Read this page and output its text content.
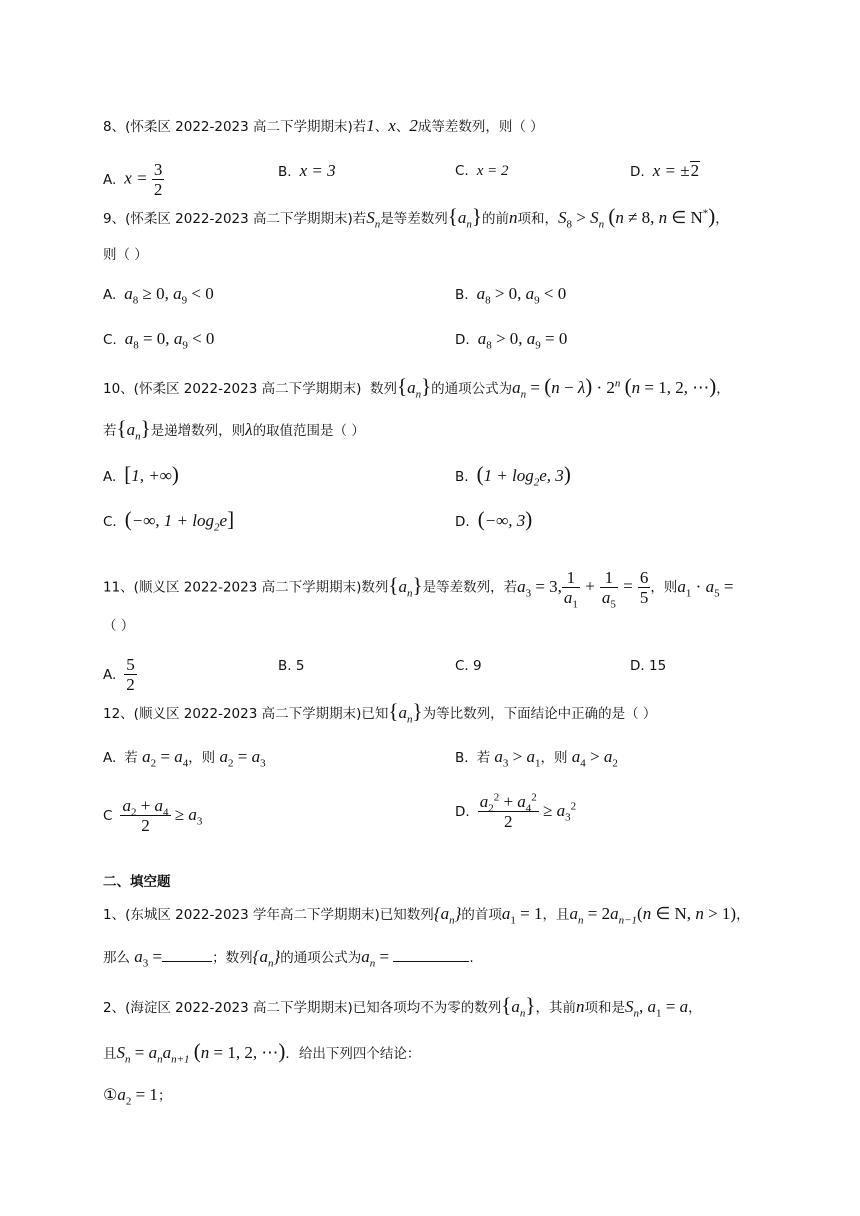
8、(怀柔区 2022-2023 高二下学期期末)若1、x、2成等差数列，则（ ）
A. $x = \frac{3}{2}$	B. x = 3	C. x = 2	D. x = ±2
9、(怀柔区 2022-2023 高二下学期期末)若$S_n$是等差数列$\{a_n\}$的前n项和，$S_8 > S_n$ (n ≠ 8, n ∈ N*)，
则（ ）
A. $a_8 \ge 0$, $a_9 < 0$	B. $a_8 > 0$, $a_9 < 0$
C. $a_8 = 0$, $a_9 < 0$	D. $a_8 > 0$, $a_9 = 0$
10、(怀柔区 2022-2023 高二下学期期末) 数列$\{a_n\}$的通项公式为$a_n = (n - \lambda) \cdot 2^n$ (n = 1, 2, ⋯)，
若$\{a_n\}$是递增数列，则λ的取值范围是（ ）
A. [1, +∞)	B. ($1 + \log_2e$, 3)
C. (−∞, $1 + \log_2e$]	D. (−∞, 3)
11、(顺义区 2022-2023 高二下学期期末)数列$\{a_n\}$是等差数列，若$a_3 = 3$, $\frac{1}{a_1} + \frac{1}{a_5} = \frac{6}{5}$ ，则$a_1 \cdot a_5$ =
（ ）
A. $\frac{5}{2}$	B. 5	C. 9	D. 15
12、(顺义区 2022-2023 高二下学期期末)已知$\{a_n\}$为等比数列，下面结论中正确的是（ ）
A. 若 $a_2 = a_4$，则 $a_2 = a_3$	B. 若 $a_3 > a_1$，则 $a_4 > a_2$
C $\frac{a_2 + a_4}{2} \ge a_3$
D. $\frac{a_2^2 + a_4^2}{2} \ge a_3^2$
二、填空题
1、(东城区 2022-2023 学年高二下学期期末)已知数列$\{a_n\}$的首项$a_1 = 1$，且$a_n = 2a_{n-1}(n$ ∈ N, n > 1)，
那么 $a_3$ =	；数列$\{a_n\}$的通项公式为$a_n$ =	.
2、(海淀区 2022-2023 高二下学期期末)已知各项均不为零的数列$\{a_n\}$，其前n项和是$S_n$, $a_1 = a$，
且$S_n = a_na_{n+1}$ (n = 1, 2, ⋯)．给出下列四个结论：
$①a_2 = 1$；
